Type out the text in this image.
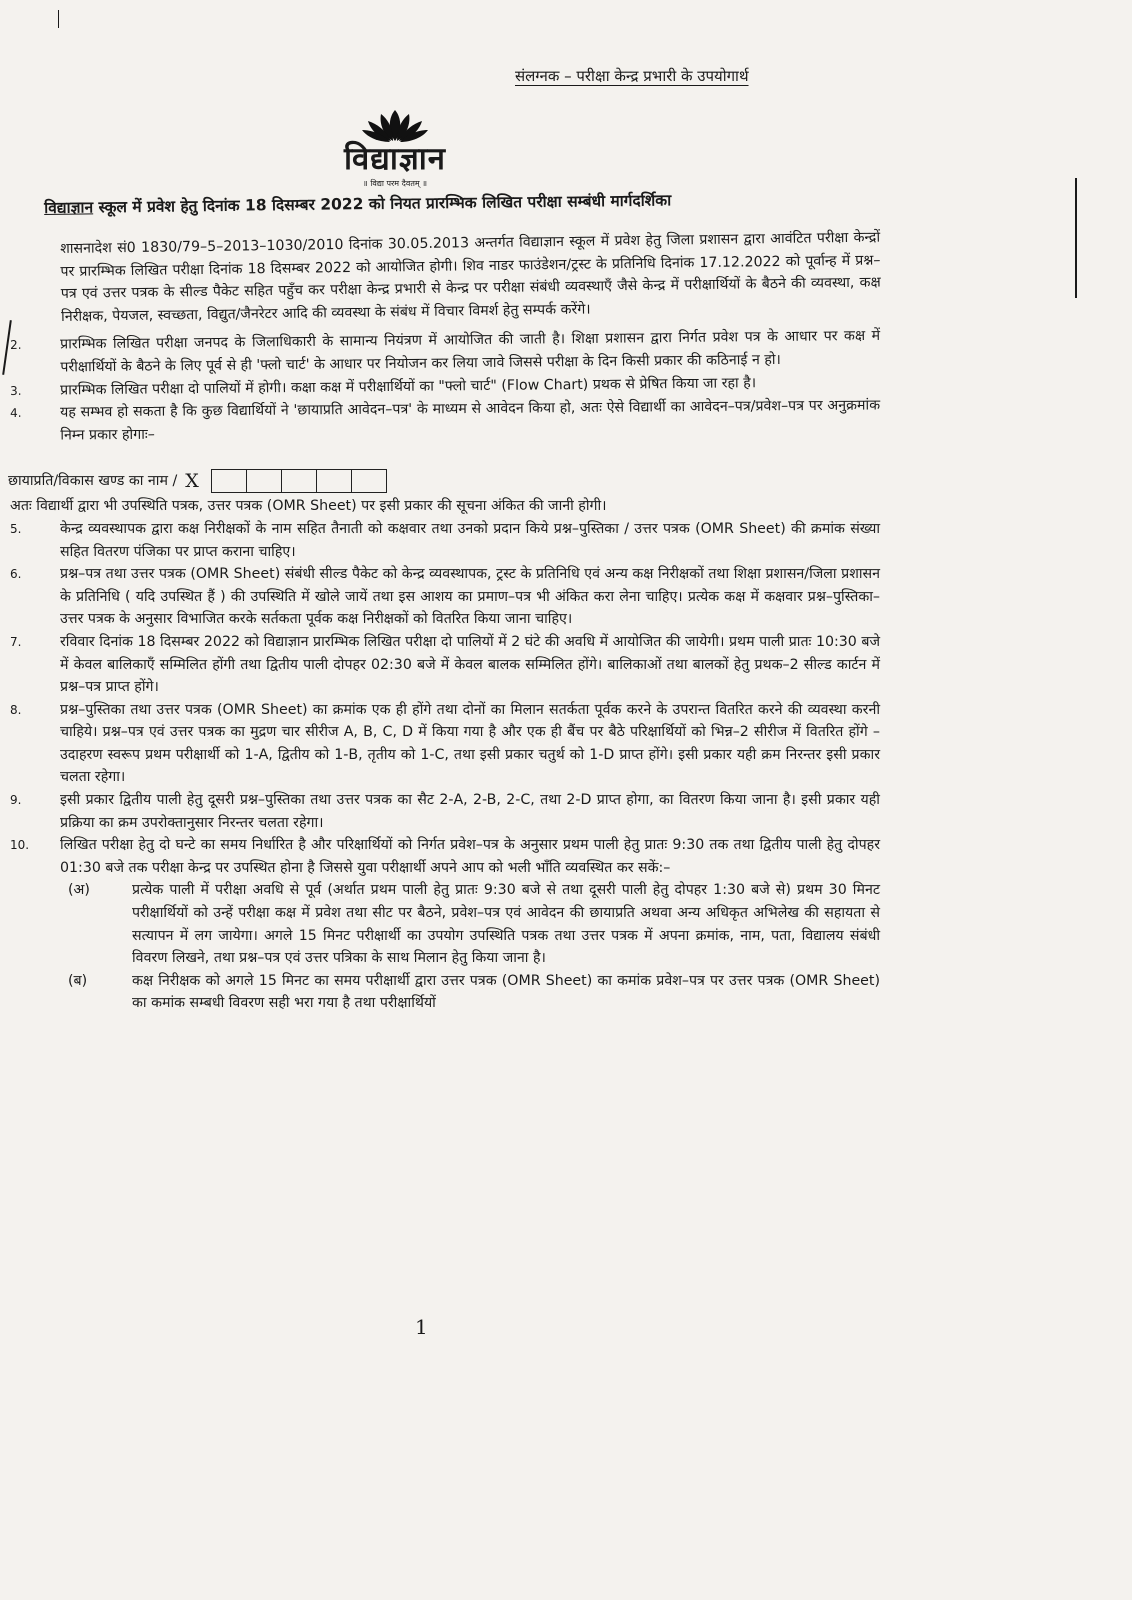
संलग्नक – परीक्षा केन्द्र प्रभारी के उपयोगार्थ
विद्याज्ञान
॥ विद्या परम दैवतम् ॥
विद्याज्ञान स्कूल में प्रवेश हेतु दिनांक 18 दिसम्बर 2022 को नियत प्रारम्भिक लिखित परीक्षा सम्बंधी मार्गदर्शिका
शासनादेश सं0 1830/79–5–2013–1030/2010 दिनांक 30.05.2013 अन्तर्गत विद्याज्ञान स्कूल में प्रवेश हेतु जिला प्रशासन द्वारा आवंटित परीक्षा केन्द्रों पर प्रारम्भिक लिखित परीक्षा दिनांक 18 दिसम्बर 2022 को आयोजित होगी। शिव नाडर फाउंडेशन/ट्रस्ट के प्रतिनिधि दिनांक 17.12.2022 को पूर्वान्ह में प्रश्न–पत्र एवं उत्तर पत्रक के सील्ड पैकेट सहित पहुँच कर परीक्षा केन्द्र प्रभारी से केन्द्र पर परीक्षा संबंधी व्यवस्थाएँ जैसे केन्द्र में परीक्षार्थियों के बैठने की व्यवस्था, कक्ष निरीक्षक, पेयजल, स्वच्छता, विद्युत/जैनरेटर आदि की व्यवस्था के संबंध में विचार विमर्श हेतु सम्पर्क करेंगे।
2.	प्रारम्भिक लिखित परीक्षा जनपद के जिलाधिकारी के सामान्य नियंत्रण में आयोजित की जाती है। शिक्षा प्रशासन द्वारा निर्गत प्रवेश पत्र के आधार पर कक्ष में परीक्षार्थियों के बैठने के लिए पूर्व से ही 'फ्लो चार्ट' के आधार पर नियोजन कर लिया जावे जिससे परीक्षा के दिन किसी प्रकार की कठिनाई न हो।
3.	प्रारम्भिक लिखित परीक्षा दो पालियों में होगी। कक्षा कक्ष में परीक्षार्थियों का "फ्लो चार्ट" (Flow Chart) प्रथक से प्रेषित किया जा रहा है।
4.	यह सम्भव हो सकता है कि कुछ विद्यार्थियों ने 'छायाप्रति आवेदन–पत्र' के माध्यम से आवेदन किया हो, अतः ऐसे विद्यार्थी का आवेदन–पत्र/प्रवेश–पत्र पर अनुक्रमांक निम्न प्रकार होगाः–
छायाप्रति/विकास खण्ड का नाम / X
अतः विद्यार्थी द्वारा भी उपस्थिति पत्रक, उत्तर पत्रक (OMR Sheet) पर इसी प्रकार की सूचना अंकित की जानी होगी।
5.	केन्द्र व्यवस्थापक द्वारा कक्ष निरीक्षकों के नाम सहित तैनाती को कक्षवार तथा उनको प्रदान किये प्रश्न–पुस्तिका / उत्तर पत्रक (OMR Sheet) की क्रमांक संख्या सहित वितरण पंजिका पर प्राप्त कराना चाहिए।
6.	प्रश्न–पत्र तथा उत्तर पत्रक (OMR Sheet) संबंधी सील्ड पैकेट को केन्द्र व्यवस्थापक, ट्रस्ट के प्रतिनिधि एवं अन्य कक्ष निरीक्षकों तथा शिक्षा प्रशासन/जिला प्रशासन के प्रतिनिधि ( यदि उपस्थित हैं ) की उपस्थिति में खोले जायें तथा इस आशय का प्रमाण–पत्र भी अंकित करा लेना चाहिए। प्रत्येक कक्ष में कक्षवार प्रश्न–पुस्तिका–उत्तर पत्रक के अनुसार विभाजित करके सर्तकता पूर्वक कक्ष निरीक्षकों को वितरित किया जाना चाहिए।
7.	रविवार दिनांक 18 दिसम्बर 2022 को विद्याज्ञान प्रारम्भिक लिखित परीक्षा दो पालियों में 2 घंटे की अवधि में आयोजित की जायेगी। प्रथम पाली प्रातः 10:30 बजे में केवल बालिकाएँ सम्मिलित होंगी तथा द्वितीय पाली दोपहर 02:30 बजे में केवल बालक सम्मिलित होंगे। बालिकाओं तथा बालकों हेतु प्रथक–2 सील्ड कार्टन में प्रश्न–पत्र प्राप्त होंगे।
8.	प्रश्न–पुस्तिका तथा उत्तर पत्रक (OMR Sheet) का क्रमांक एक ही होंगे तथा दोनों का मिलान सतर्कता पूर्वक करने के उपरान्त वितरित करने की व्यवस्था करनी चाहिये। प्रश्न–पत्र एवं उत्तर पत्रक का मुद्रण चार सीरीज A, B, C, D में किया गया है और एक ही बैंच पर बैठे परिक्षार्थियों को भिन्न–2 सीरीज में वितरित होंगे – उदाहरण स्वरूप प्रथम परीक्षार्थी को 1-A, द्वितीय को 1-B, तृतीय को 1-C, तथा इसी प्रकार चतुर्थ को 1-D प्राप्त होंगे। इसी प्रकार यही क्रम निरन्तर इसी प्रकार चलता रहेगा।
9.	इसी प्रकार द्वितीय पाली हेतु दूसरी प्रश्न–पुस्तिका तथा उत्तर पत्रक का सैट 2-A, 2-B, 2-C, तथा 2-D प्राप्त होगा, का वितरण किया जाना है। इसी प्रकार यही प्रक्रिया का क्रम उपरोक्तानुसार निरन्तर चलता रहेगा।
10.	लिखित परीक्षा हेतु दो घन्टे का समय निर्धारित है और परिक्षार्थियों को निर्गत प्रवेश–पत्र के अनुसार प्रथम पाली हेतु प्रातः 9:30 तक तथा द्वितीय पाली हेतु दोपहर 01:30 बजे तक परीक्षा केन्द्र पर उपस्थित होना है जिससे युवा परीक्षार्थी अपने आप को भली भाँति व्यवस्थित कर सकें:–
(अ)	प्रत्येक पाली में परीक्षा अवधि से पूर्व (अर्थात प्रथम पाली हेतु प्रातः 9:30 बजे से तथा दूसरी पाली हेतु दोपहर 1:30 बजे से) प्रथम 30 मिनट परीक्षार्थियों को उन्हें परीक्षा कक्ष में प्रवेश तथा सीट पर बैठने, प्रवेश–पत्र एवं आवेदन की छायाप्रति अथवा अन्य अधिकृत अभिलेख की सहायता से सत्यापन में लग जायेगा। अगले 15 मिनट परीक्षार्थी का उपयोग उपस्थिति पत्रक तथा उत्तर पत्रक में अपना क्रमांक, नाम, पता, विद्यालय संबंधी विवरण लिखने, तथा प्रश्न–पत्र एवं उत्तर पत्रिका के साथ मिलान हेतु किया जाना है।
(ब)	कक्ष निरीक्षक को अगले 15 मिनट का समय परीक्षार्थी द्वारा उत्तर पत्रक (OMR Sheet) का कमांक प्रवेश–पत्र पर उत्तर पत्रक (OMR Sheet) का कमांक सम्बधी विवरण सही भरा गया है तथा परीक्षार्थियों
1
